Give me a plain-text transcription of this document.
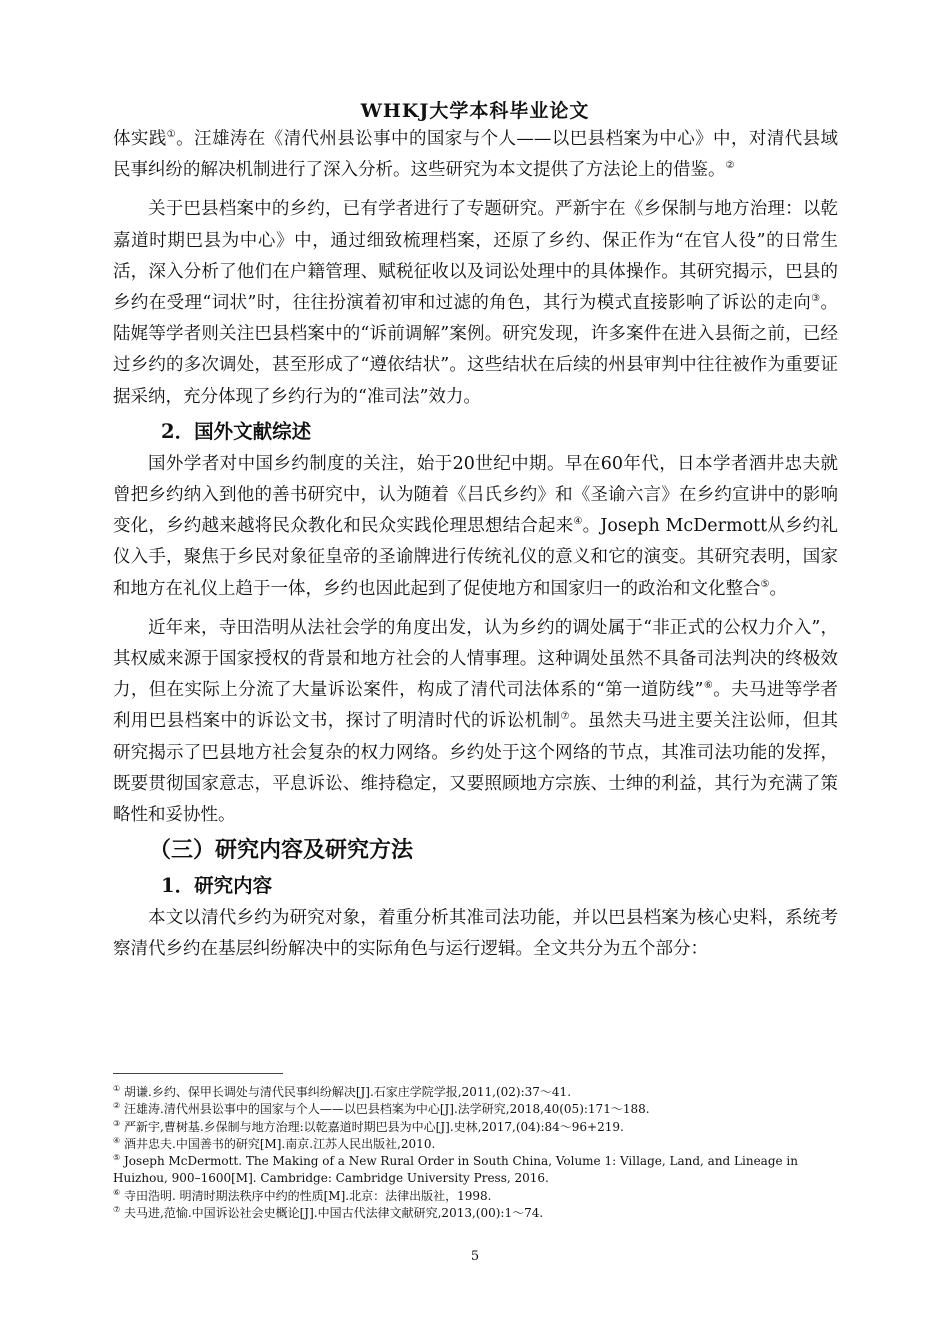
WHKJ大学本科毕业论文

体实践①。汪雄涛在《清代州县讼事中的国家与个人——以巴县档案为中心》中，对清代县域民事纠纷的解决机制进行了深入分析。这些研究为本文提供了方法论上的借鉴。②

关于巴县档案中的乡约，已有学者进行了专题研究。严新宇在《乡保制与地方治理：以乾嘉道时期巴县为中心》中，通过细致梳理档案，还原了乡约、保正作为“在官人役”的日常生活，深入分析了他们在户籍管理、赋税征收以及词讼处理中的具体操作。其研究揭示，巴县的乡约在受理“词状”时，往往扮演着初审和过滤的角色，其行为模式直接影响了诉讼的走向③。陆娓等学者则关注巴县档案中的“诉前调解”案例。研究发现，许多案件在进入县衙之前，已经过乡约的多次调处，甚至形成了“遵依结状”。这些结状在后续的州县审判中往往被作为重要证据采纳，充分体现了乡约行为的“准司法”效力。

2．国外文献综述

国外学者对中国乡约制度的关注，始于20世纪中期。早在60年代，日本学者酒井忠夫就曾把乡约纳入到他的善书研究中，认为随着《吕氏乡约》和《圣谕六言》在乡约宣讲中的影响变化，乡约越来越将民众教化和民众实践伦理思想结合起来④。Joseph McDermott从乡约礼仪入手，聚焦于乡民对象征皇帝的圣谕牌进行传统礼仪的意义和它的演变。其研究表明，国家和地方在礼仪上趋于一体，乡约也因此起到了促使地方和国家归一的政治和文化整合⑤。

近年来，寺田浩明从法社会学的角度出发，认为乡约的调处属于“非正式的公权力介入”，其权威来源于国家授权的背景和地方社会的人情事理。这种调处虽然不具备司法判决的终极效力，但在实际上分流了大量诉讼案件，构成了清代司法体系的“第一道防线”⑥。夫马进等学者利用巴县档案中的诉讼文书，探讨了明清时代的诉讼机制⑦。虽然夫马进主要关注讼师，但其研究揭示了巴县地方社会复杂的权力网络。乡约处于这个网络的节点，其准司法功能的发挥，既要贯彻国家意志，平息诉讼、维持稳定，又要照顾地方宗族、士绅的利益，其行为充满了策略性和妥协性。

（三）研究内容及研究方法
1．研究内容

本文以清代乡约为研究对象，着重分析其准司法功能，并以巴县档案为核心史料，系统考察清代乡约在基层纠纷解决中的实际角色与运行逻辑。全文共分为五个部分：

① 胡谦.乡约、保甲长调处与清代民事纠纷解决[J].石家庄学院学报,2011,(02):37～41.
② 汪雄涛.清代州县讼事中的国家与个人——以巴县档案为中心[J].法学研究,2018,40(05):171～188.
③ 严新宇,曹树基.乡保制与地方治理:以乾嘉道时期巴县为中心[J].史林,2017,(04):84～96+219.
④ 酒井忠夫.中国善书的研究[M].南京.江苏人民出版社,2010.
⑤ Joseph McDermott. The Making of a New Rural Order in South China, Volume 1: Village, Land, and Lineage in Huizhou, 900–1600[M]. Cambridge: Cambridge University Press, 2016.
⑥ 寺田浩明. 明清时期法秩序中约的性质[M].北京：法律出版社，1998.
⑦ 夫马进,范愉.中国诉讼社会史概论[J].中国古代法律文献研究,2013,(00):1～74.
5
